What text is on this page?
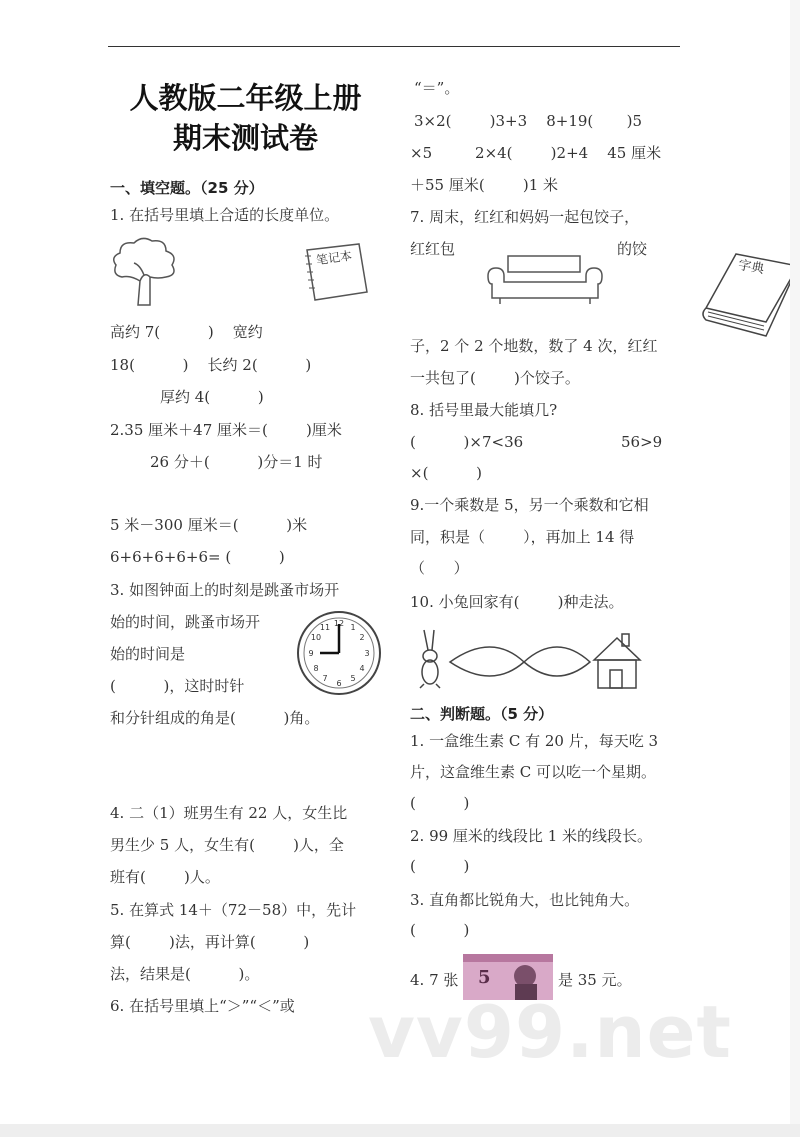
人教版二年级上册
期末测试卷
一、填空题。（25 分）
1. 在括号里填上合适的长度单位。
笔记本
高约 7(          )    宽约
18(          )    长约 2(          )
厚约 4(          )
2.35 厘米＋47 厘米＝(        )厘米
26 分＋(          )分＝1 时
5 米－300 厘米＝(          )米
6+6+6+6+6= (          )
3. 如图钟面上的时刻是跳蚤市场开
始的时间，跳蚤市场开
始的时间是
(          )，这时时针
和分针组成的角是(          )角。
12 1
2
3
4
5
6
7
8
9
10
11
4. 二（1）班男生有 22 人，女生比
男生少 5 人，女生有(        )人，全
班有(        )人。
5. 在算式 14＋（72－58）中，先计
算(        )法，再计算(          )
法，结果是(          )。
6. 在括号里填上“＞”“＜”或
“＝”。
3×2(        )3+3    8+19(       )5
×5         2×4(        )2+4    45 厘米
＋55 厘米(        )1 米
7. 周末，红红和妈妈一起包饺子，
红红包	的饺
字典
子，2 个 2 个地数，数了 4 次，红红
一共包了(        )个饺子。
8. 括号里最大能填几?
(          )×7<36	56>9
×(          )
9.一个乘数是 5，另一个乘数和它相
同，积是（        ），再加上 14 得
（      ）
10. 小兔回家有(        )种走法。
二、判断题。（5 分）
1. 一盒维生素 C 有 20 片，每天吃 3
片，这盒维生素 C 可以吃一个星期。
(          )
2. 99 厘米的线段比 1 米的线段长。
(          )
3. 直角都比锐角大，也比钝角大。
(          )
4. 7 张 5	是 35 元。
vv99.net
